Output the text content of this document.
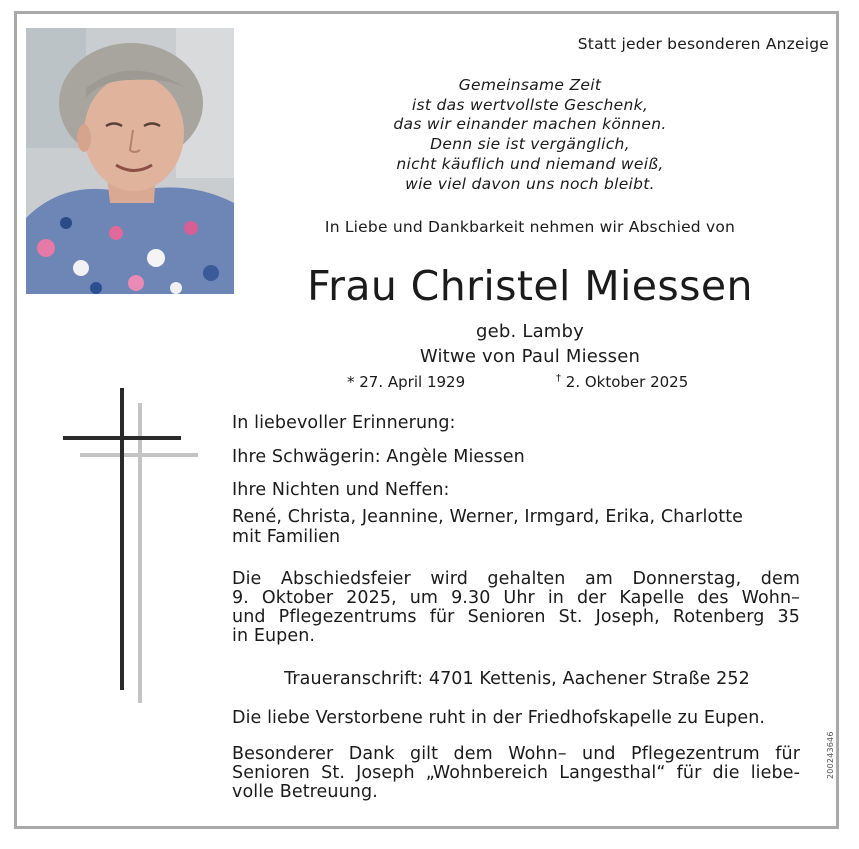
Statt jeder besonderen Anzeige
Gemeinsame Zeit
ist das wertvollste Geschenk,
das wir einander machen können.
Denn sie ist vergänglich,
nicht käuflich und niemand weiß,
wie viel davon uns noch bleibt.
In Liebe und Dankbarkeit nehmen wir Abschied von
Frau Christel Miessen
geb. Lamby
Witwe von Paul Miessen
* 27. April 1929	† 2. Oktober 2025
In liebevoller Erinnerung:
Ihre Schwägerin: Angèle Miessen
Ihre Nichten und Neffen:
René, Christa, Jeannine, Werner, Irmgard, Erika, Charlotte
mit Familien
Die Abschiedsfeier wird gehalten am Donnerstag, dem
9. Oktober 2025, um 9.30 Uhr in der Kapelle des Wohn–
und Pflegezentrums für Senioren St. Joseph, Rotenberg 35
in Eupen.
Traueranschrift: 4701 Kettenis, Aachener Straße 252
Die liebe Verstorbene ruht in der Friedhofskapelle zu Eupen.
Besonderer Dank gilt dem Wohn– und Pflegezentrum für
Senioren St. Joseph „Wohnbereich Langesthal“ für die liebe-
volle Betreuung.
200243646
